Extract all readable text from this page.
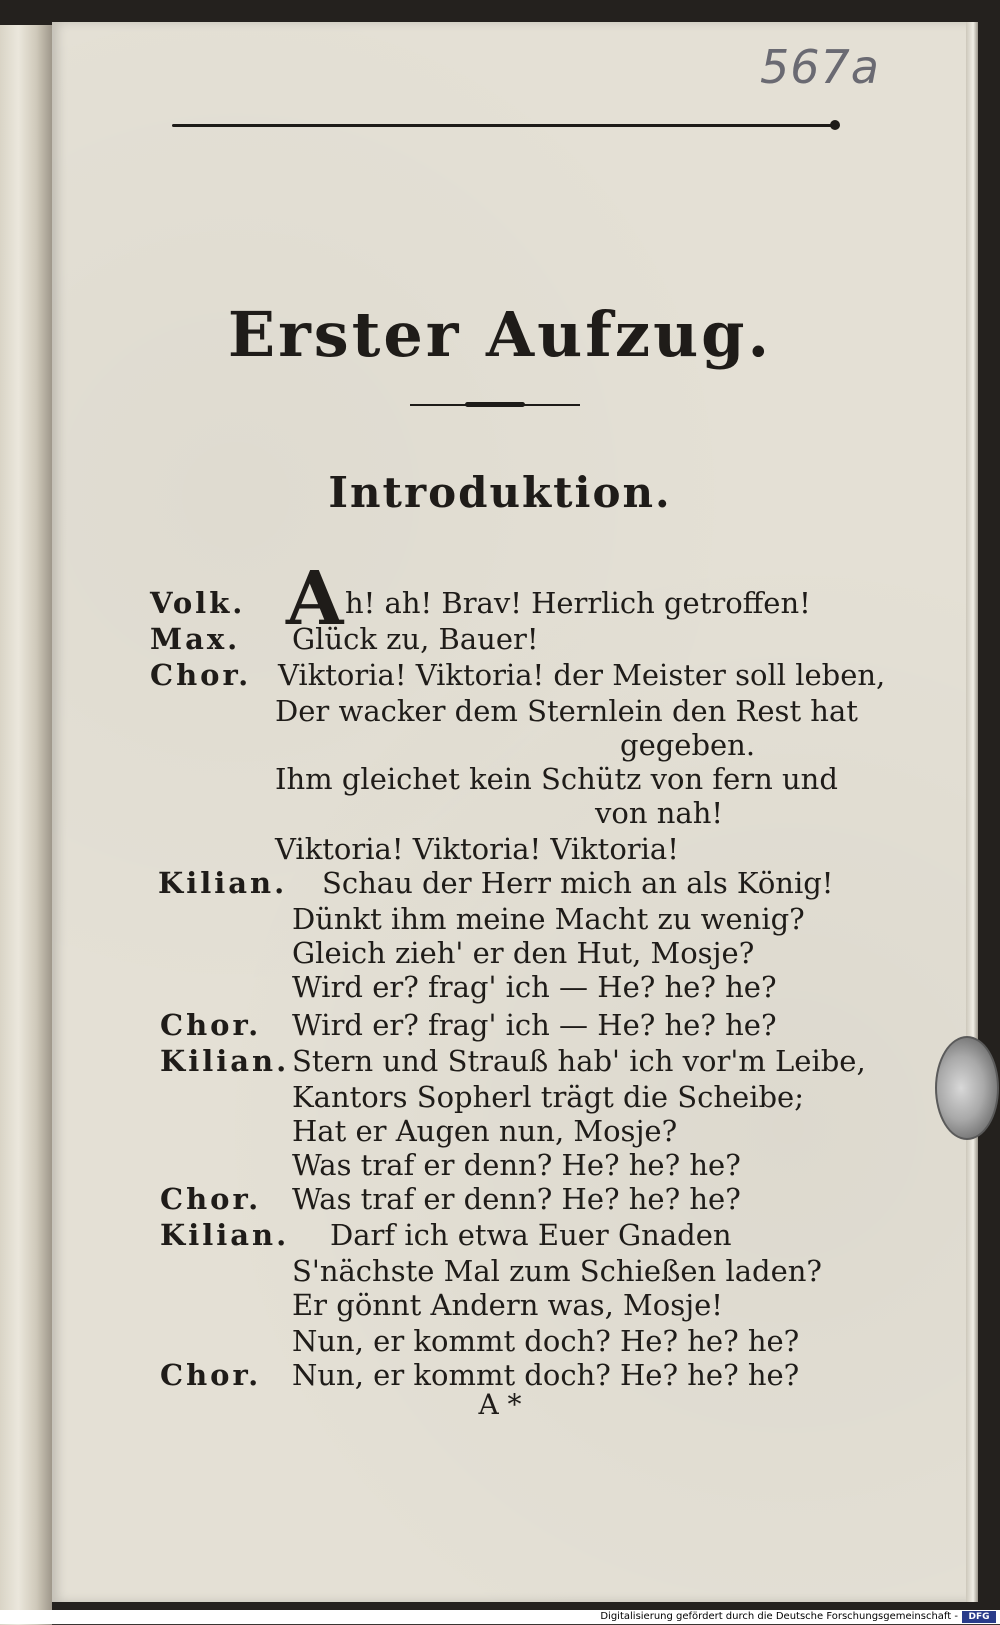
567a
Erster Aufzug.
Introduktion.
A
Volk.	h! ah! Brav! Herrlich getroffen!
Max. Glück zu, Bauer!
Chor. Viktoria! Viktoria! der Meister soll leben,
Der wacker dem Sternlein den Rest hat
gegeben.
Ihm gleichet kein Schütz von fern und
von nah!
Viktoria! Viktoria! Viktoria!
Kilian. Schau der Herr mich an als König!
Dünkt ihm meine Macht zu wenig?
Gleich zieh' er den Hut, Mosje?
Wird er? frag' ich — He? he? he?
Chor. Wird er? frag' ich — He? he? he?
Kilian. Stern und Strauß hab' ich vor'm Leibe,
Kantors Sopherl trägt die Scheibe;
Hat er Augen nun, Mosje?
Was traf er denn? He? he? he?
Chor. Was traf er denn? He? he? he?
Kilian. Darf ich etwa Euer Gnaden
S'nächste Mal zum Schießen laden?
Er gönnt Andern was, Mosje!
Nun, er kommt doch? He? he? he?
Chor. Nun, er kommt doch? He? he? he?
A *
Digitalisierung gefördert durch die Deutsche Forschungsgemeinschaft -	DFG
